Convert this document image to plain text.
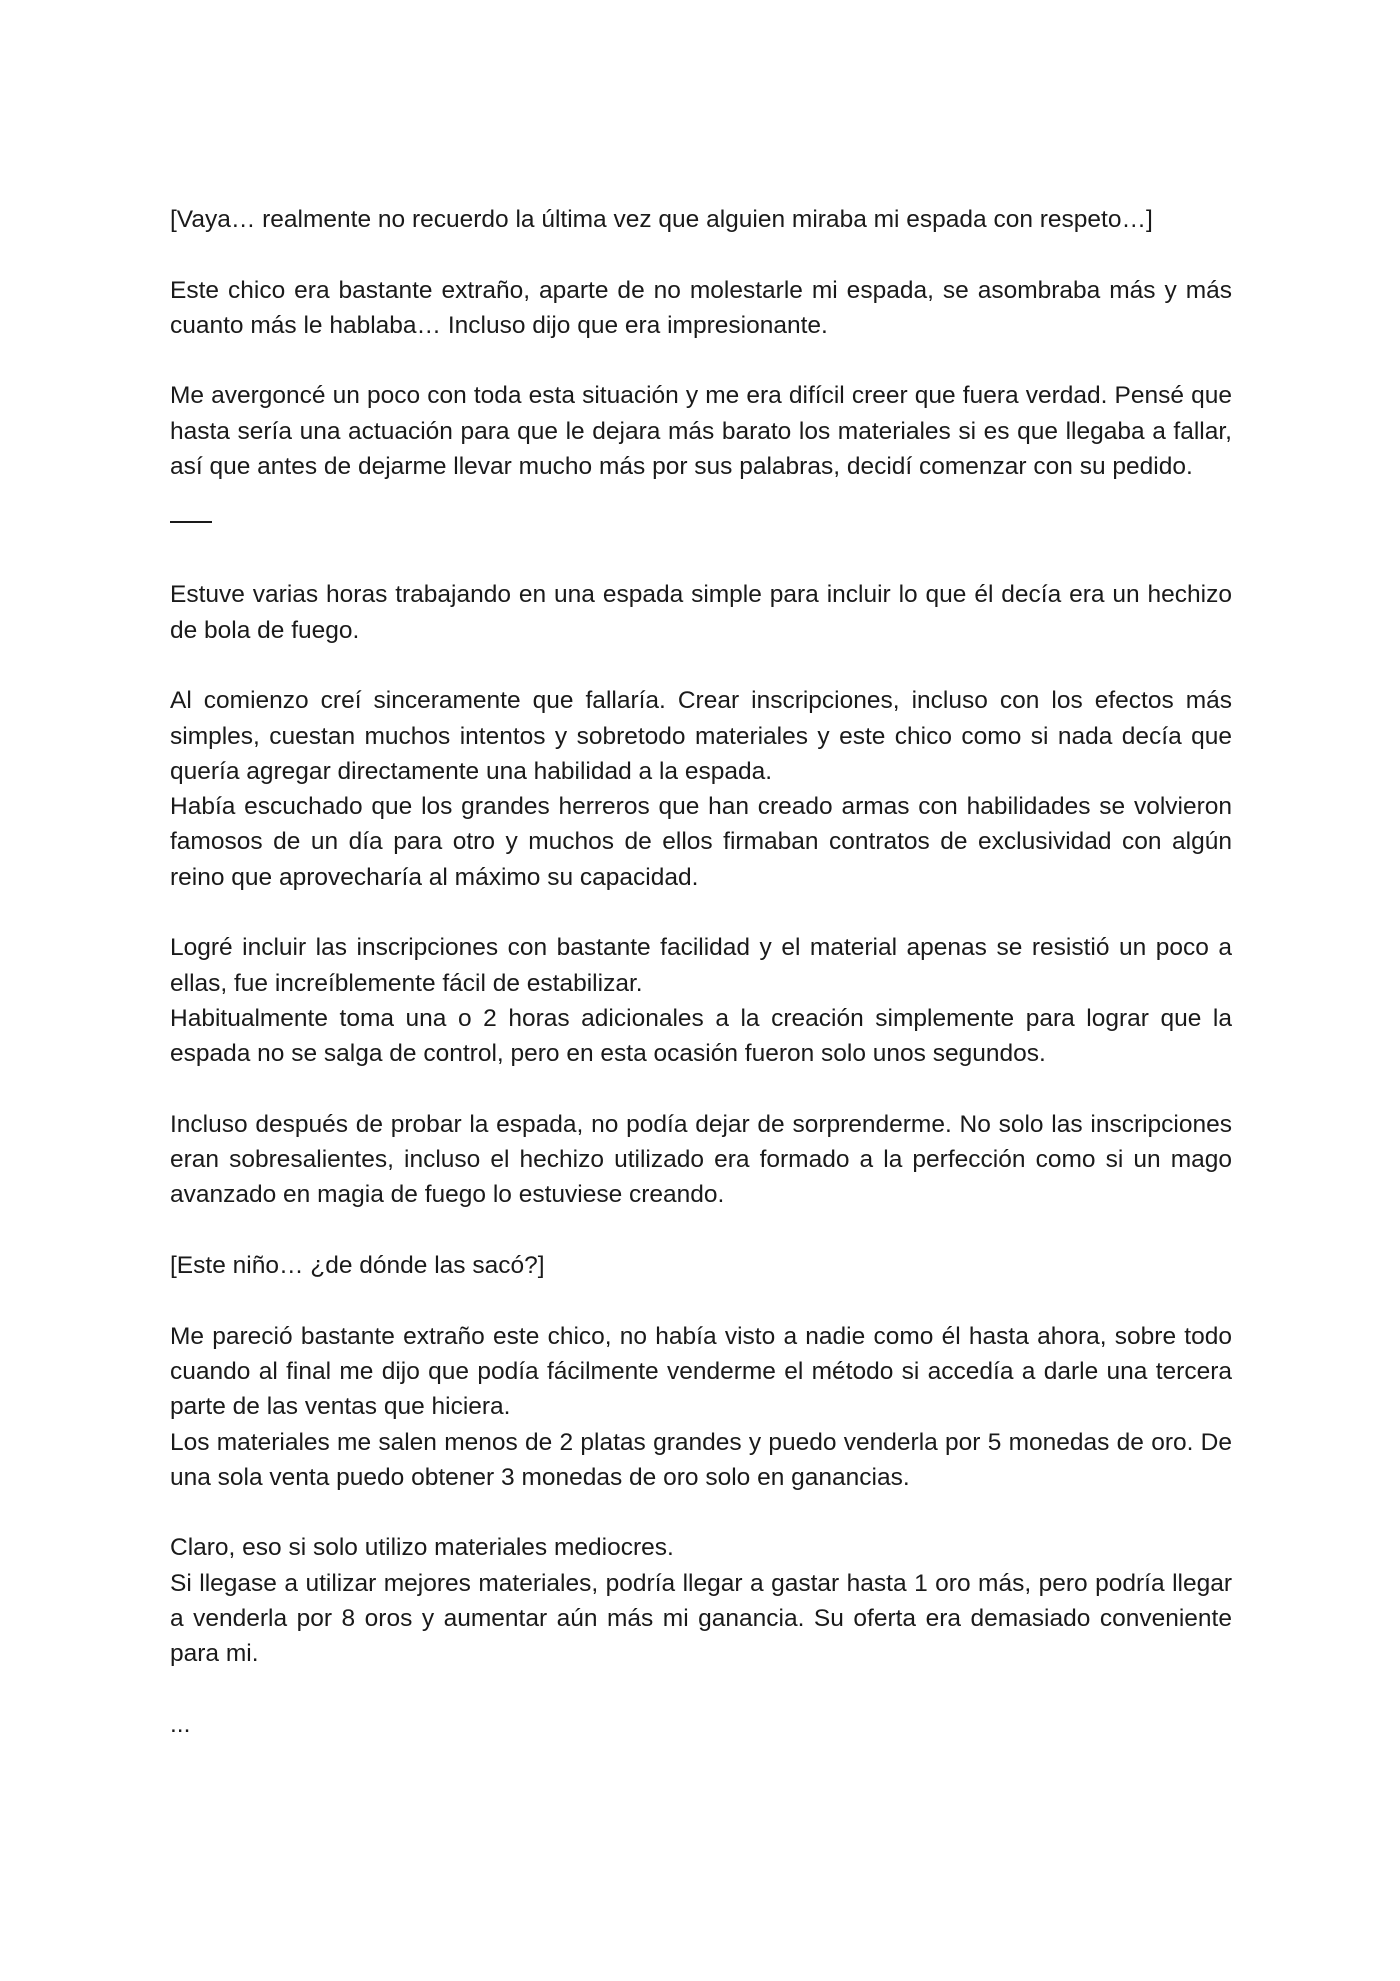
[Vaya… realmente no recuerdo la última vez que alguien miraba mi espada con respeto…]

Este chico era bastante extraño, aparte de no molestarle mi espada, se asombraba más y más cuanto más le hablaba… Incluso dijo que era impresionante.

Me avergoncé un poco con toda esta situación y me era difícil creer que fuera verdad. Pensé que hasta sería una actuación para que le dejara más barato los materiales si es que llegaba a fallar, así que antes de dejarme llevar mucho más por sus palabras, decidí comenzar con su pedido.

Estuve varias horas trabajando en una espada simple para incluir lo que él decía era un hechizo de bola de fuego.

Al comienzo creí sinceramente que fallaría. Crear inscripciones, incluso con los efectos más simples, cuestan muchos intentos y sobretodo materiales y este chico como si nada decía que quería agregar directamente una habilidad a la espada.

Había escuchado que los grandes herreros que han creado armas con habilidades se volvieron famosos de un día para otro y muchos de ellos firmaban contratos de exclusividad con algún reino que aprovecharía al máximo su capacidad.

Logré incluir las inscripciones con bastante facilidad y el material apenas se resistió un poco a ellas, fue increíblemente fácil de estabilizar.

Habitualmente toma una o 2 horas adicionales a la creación simplemente para lograr que la espada no se salga de control, pero en esta ocasión fueron solo unos segundos.

Incluso después de probar la espada, no podía dejar de sorprenderme. No solo las inscripciones eran sobresalientes, incluso el hechizo utilizado era formado a la perfección como si un mago avanzado en magia de fuego lo estuviese creando.

[Este niño… ¿de dónde las sacó?]

Me pareció bastante extraño este chico, no había visto a nadie como él hasta ahora, sobre todo cuando al final me dijo que podía fácilmente venderme el método si accedía a darle una tercera parte de las ventas que hiciera.

Los materiales me salen menos de 2 platas grandes y puedo venderla por 5 monedas de oro. De una sola venta puedo obtener 3 monedas de oro solo en ganancias.

Claro, eso si solo utilizo materiales mediocres.

Si llegase a utilizar mejores materiales, podría llegar a gastar hasta 1 oro más, pero podría llegar a venderla por 8 oros y aumentar aún más mi ganancia. Su oferta era demasiado conveniente para mi.

...
